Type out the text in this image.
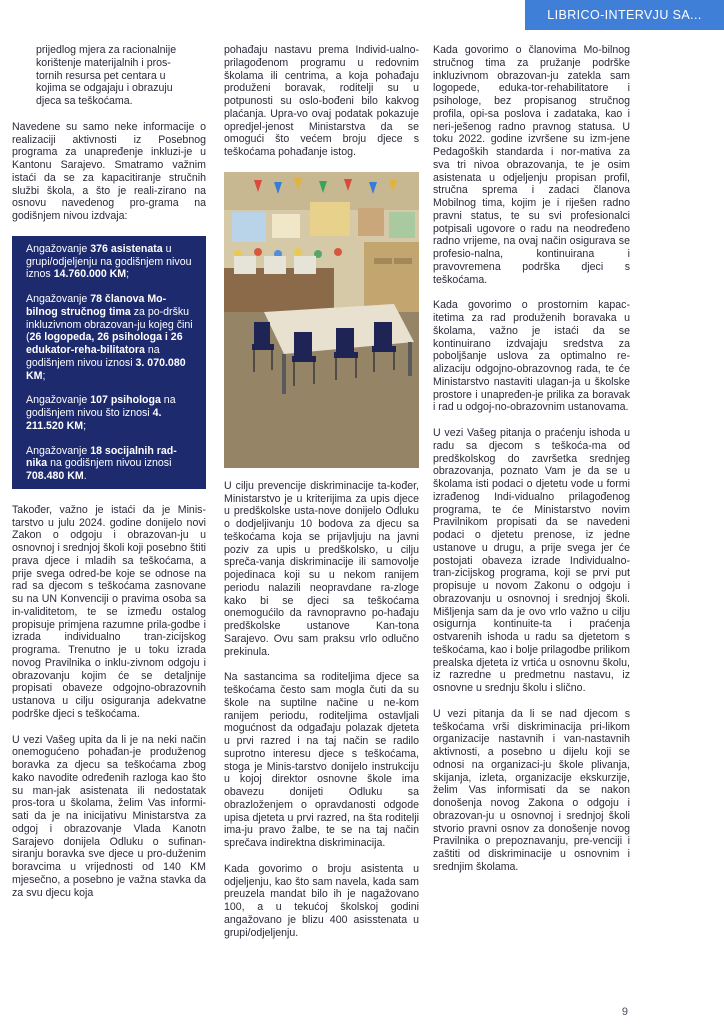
LIBRICO-INTERVJU SA...

prijedlog mjera za racionalnije
korištenje materijalnih i pros-
tornih resursa pet centara u
kojima se odgajaju i obrazuju
djeca sa teškoćama.

Navedene su samo neke informacije o realizaciji aktivnosti iz Posebnog programa za unapređenje inkluzi-je u Kantonu Sarajevo. Smatramo važnim istaći da se za kapacitiranje stručnih službi škola, a što je reali-zirano na osnovu navedenog pro-grama na godišnjem nivou izdvaja:

Angažovanje 376 asistenata u grupi/odjeljenju na godišnjem nivou iznos 14.760.000 KM;
Angažovanje 78 članova Mo-bilnog stručnog tima za po-dršku inkluzivnom obrazovan-ju kojeg čini (26 logopeda, 26 psihologa i 26 edukator-reha-bilitatora na godišnjem nivou iznosi 3. 070.080 KM;
Angažovanje 107 psihologa na godišnjem nivou što iznosi 4. 211.520 KM;
Angažovanje 18 socijalnih rad-nika na godišnjem nivou iznosi 708.480 KM.

Također, važno je istaći da je Minis-tarstvo u julu 2024. godine donijelo novi Zakon o odgoju i obrazovan-ju u osnovnoj i srednjoj školi koji posebno štiti prava djece i mladih sa teškoćama, a prije svega odred-be koje se odnose na rad sa djecom s teškoćama zasnovane su na UN Konvenciji o pravima osoba sa in-validitetom, te se između ostalog propisuje primjena razumne prila-godbe i izrada individualno tran-zicijskog programa. Trenutno je u toku izrada novog Pravilnika o inklu-zivnom odgoju i obrazovanju kojim će se detaljnije propisati obaveze odgojno-obrazovnih ustanova u cilju osiguranja adekvatne podrške djeci s teškoćama.

U vezi Vašeg upita da li je na neki način onemogućeno pohađan-je produženog boravka za djecu sa teškoćama zbog kako navodite određenih razloga kao što su man-jak asistenata ili nedostatak pros-tora u školama, želim Vas informi-sati da je na inicijativu Ministarstva za odgoj i obrazovanje Vlada Kanotn Sarajevo donijela Odluku o sufinan-siranju boravka sve djece u pro-duženim boravcima u vrijednosti od 140 KM mjesečno, a posebno je važna stavka da za svu djecu koja

pohađaju nastavu prema Individ-ualno-prilagođenom programu u redovnim školama ili centrima, a koja pohađaju produženi boravak, roditelji su u potpunosti su oslo-bođeni bilo kakvog plaćanja. Upra-vo ovaj podatak pokazuje opredjel-jenost Ministarstva da se omogući što većem broju djece s teškoćama pohađanje istog.

U cilju prevencije diskriminacije ta-kođer, Ministarstvo je u kriterijima za upis djece u predškolske usta-nove donijelo Odluku o dodjeljivanju 10 bodova za djecu sa teškoćama koja se prijavljuju na javni poziv za upis u predškolsko, u cilju spreča-vanja diskriminacije ili samovolje pojedinaca koji su u nekom ranijem periodu nalazili neopravdane ra-zloge kako bi se djeci sa teškoćama onemogućilo da ravnopravno po-hađaju predškolske ustanove Kan-tona Sarajevo. Ovu sam praksu vrlo odlučno prekinula.

Na sastancima sa roditeljima djece sa teškoćama često sam mogla čuti da su škole na suptilne načine u ne-kom ranijem periodu, roditeljima ostavljali mogućnost da odgađaju polazak djeteta u prvi razred i na taj način se radilo suprotno interesu djece s teškoćama, stoga je Minis-tarstvo donijelo instrukciju u kojoj direktor osnovne škole ima obavezu donijeti Odluku sa obrazloženjem o opravdanosti odgode upisa djeteta u prvi razred, na šta roditelji ima-ju pravo žalbe, te se na taj način sprečava indirektna diskriminacija.

Kada govorimo o broju asistenta u odjeljenju, kao što sam navela, kada sam preuzela mandat bilo ih je nagažovano 100, a u tekućoj školskoj godini angažovano je blizu 400 asisstenata u grupi/odjeljenju.

Kada govorimo o članovima Mo-bilnog stručnog tima za pružanje podrške inkluzivnom obrazovan-ju zatekla sam logopede, eduka-tor-rehabilitatore i psihologe, bez propisanog stručnog profila, opi-sa poslova i zadataka, kao i neri-ješenog radno pravnog statusa. U toku 2022. godine izvršene su izm-jene Pedagoških standarda i nor-mativa za sva tri nivoa obrazovanja, te je osim asistenata u odjeljenju propisan profil, stručna sprema i zadaci članova Mobilnog tima, kojim je i riješen radno pravni status, te su svi profesionalci potpisali ugovore o radu na neodređeno radno vrijeme, na ovaj način osigurava se profesio-nalna, kontinuirana i pravovremena podrška djeci s teškoćama.

Kada govorimo o prostornim kapac-itetima za rad produženih boravaka u školama, važno je istaći da se kontinuirano izdvajaju sredstva za poboljšanje uslova za optimalno re-alizaciju odgojno-obrazovnog rada, te će Ministarstvo nastaviti ulagan-ja u školske prostore i unapređen-je prilika za boravak i rad u odgoj-no-obrazovnim ustanovama.

U vezi Vašeg pitanja o praćenju ishoda u radu sa djecom s teškoća-ma od predškolskog do završetka srednjeg obrazovanja, poznato Vam je da se u školama isti podaci o djetetu vode u formi izrađenog Indi-vidualno prilagođenog programa, te će Ministarstvo novim Pravilnikom propisati da se navedeni podaci o djetetu prenose, iz jedne ustanove u drugu, a prije svega jer će postojati obaveza izrade Individualno-tran-zicijskog programa, koji se prvi put propisuje u novom Zakonu o odgoju i obrazovanju u osnovnoj i srednjoj školi. Mišljenja sam da je ovo vrlo važno u cilju osigurnja kontinuite-ta i praćenja ostvarenih ishoda u radu sa djetetom s teškoćama, kao i bolje prilagodbe prilikom prealska djeteta iz vrtića u osnovnu školu, iz razredne u predmetnu nastavu, iz osnovne u srednju školu i slično.

U vezi pitanja da li se nad djecom s teškoćama vrši diskriminacija pri-likom organizacije nastavnih i van-nastavnih aktivnosti, a posebno u dijelu koji se odnosi na organizaci-ju škole plivanja, skijanja, izleta, organizacije ekskurzije, želim Vas informisati da se nakon donošenja novog Zakona o odgoju i obrazovan-ju u osnovnoj i srednjoj školi stvorio pravni osnov za donošenje novog Pravilnika o prepoznavanju, pre-venciji i zaštiti od diskriminacije u osnovnim i srednjim školama.

9
